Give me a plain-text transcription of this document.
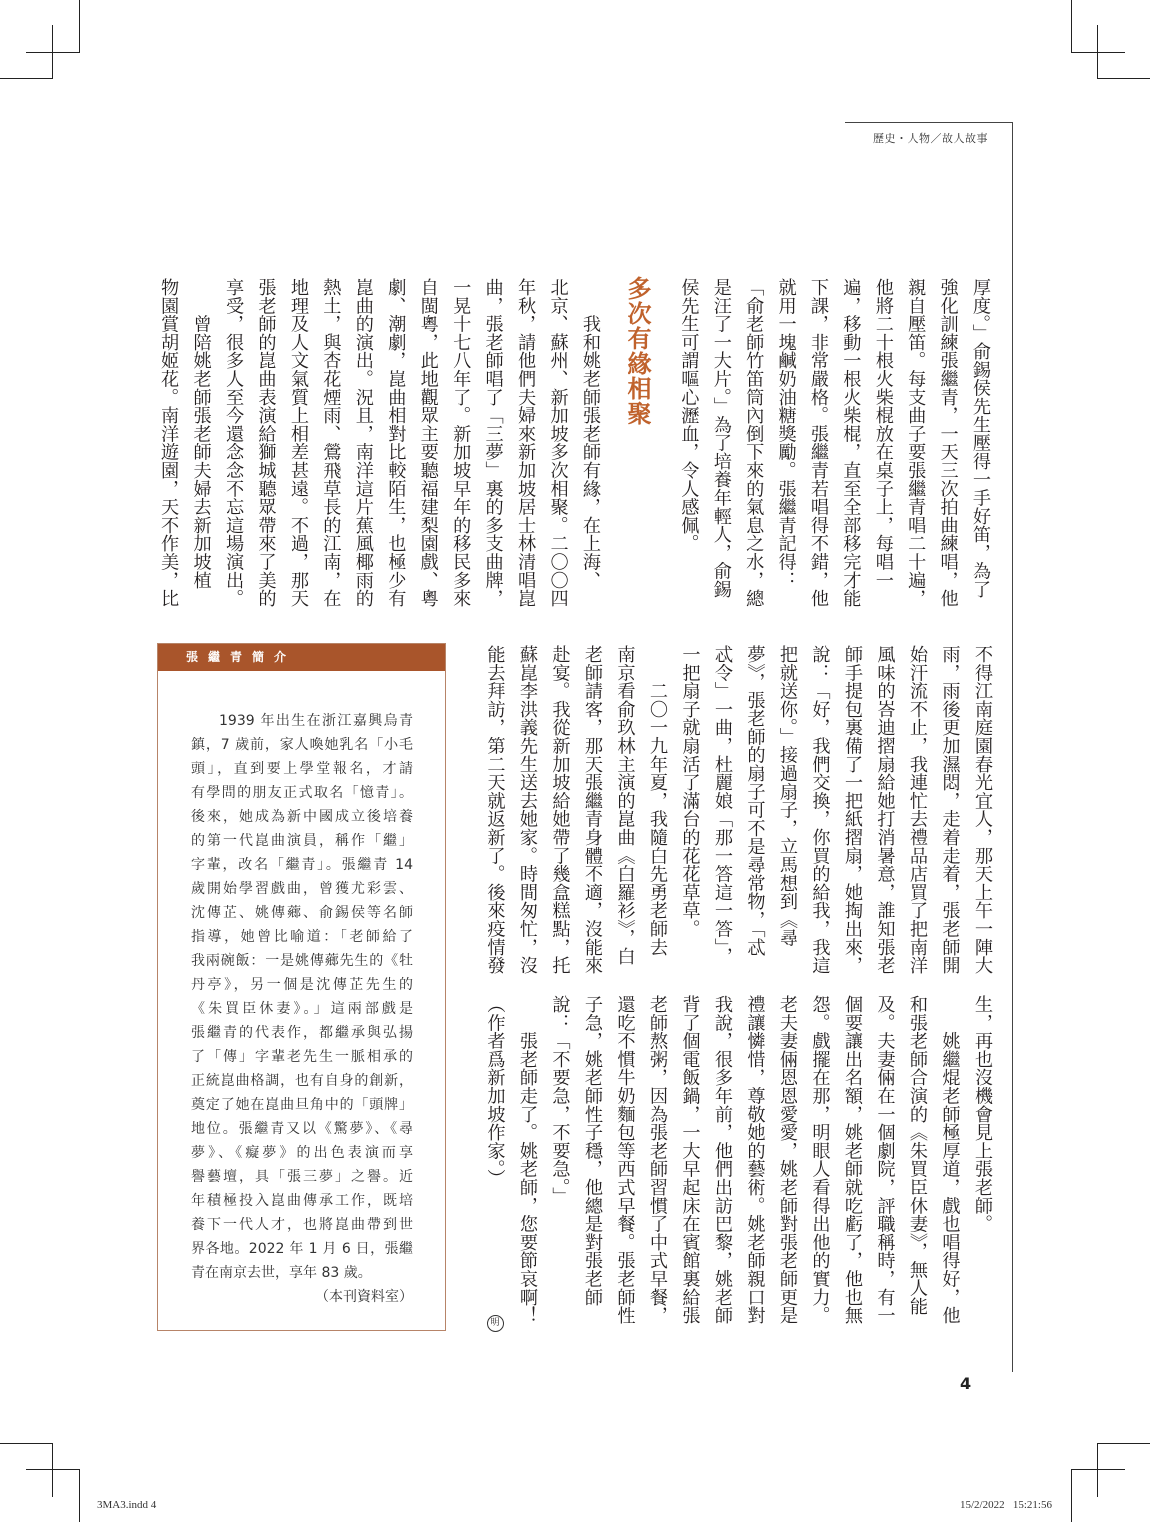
歷史・人物／故人故事
厚度。」俞錫侯先生壓得一手好笛，為了
強化訓練張繼青，一天三次拍曲練唱，他
親自壓笛。每支曲子要張繼青唱二十遍，
他將二十根火柴棍放在桌子上，每唱一
遍，移動一根火柴棍，直至全部移完才能
下課，非常嚴格。張繼青若唱得不錯，他
就用一塊鹹奶油糖獎勵。張繼青記得：
「俞老師竹笛筒內倒下來的氣息之水，總
是汪了一大片。」為了培養年輕人，俞錫
侯先生可謂嘔心瀝血，令人感佩。
　　我和姚老師張老師有緣，在上海、
北京、蘇州、新加坡多次相聚。二〇〇四
年秋，請他們夫婦來新加坡居士林清唱崑
曲，張老師唱了「三夢」裏的多支曲牌，
一晃十七八年了。新加坡早年的移民多來
自閩粵，此地觀眾主要聽福建梨園戲、粵
劇、潮劇，崑曲相對比較陌生，也極少有
崑曲的演出。況且，南洋這片蕉風椰雨的
熱土，與杏花煙雨、鶯飛草長的江南，在
地理及人文氣質上相差甚遠。不過，那天
張老師的崑曲表演給獅城聽眾帶來了美的
享受，很多人至今還念念不忘這場演出。
　　曾陪姚老師張老師夫婦去新加坡植
物園賞胡姬花。南洋遊園，天不作美，比
不得江南庭園春光宜人，那天上午一陣大
雨，雨後更加濕悶，走着走着，張老師開
始汗流不止，我連忙去禮品店買了把南洋
風味的峇迪摺扇給她打消暑意，誰知張老
師手提包裏備了一把紙摺扇，她掏出來，
說：「好，我們交換，你買的給我，我這
把就送你。」接過扇子，立馬想到《尋
夢》，張老師的扇子可不是尋常物，「忒
忒令」一曲，杜麗娘「那一答這一答」，
一把扇子就扇活了滿台的花花草草。
　　二〇一九年夏，我隨白先勇老師去
南京看俞玖林主演的崑曲《白羅衫》，白
老師請客，那天張繼青身體不適，沒能來
赴宴。我從新加坡給她帶了幾盒糕點，托
蘇崑李洪義先生送去她家。時間匆忙，沒
能去拜訪，第二天就返新了。後來疫情發
生，再也沒機會見上張老師。
　　姚繼焜老師極厚道，戲也唱得好，他
和張老師合演的《朱買臣休妻》，無人能
及。夫妻倆在一個劇院，評職稱時，有一
個要讓出名額，姚老師就吃虧了，他也無
怨。戲擺在那，明眼人看得出他的實力。
老夫妻倆恩恩愛愛，姚老師對張老師更是
禮讓憐惜，尊敬她的藝術。姚老師親口對
我說，很多年前，他們出訪巴黎，姚老師
背了個電飯鍋，一大早起床在賓館裏給張
老師熬粥，因為張老師習慣了中式早餐，
還吃不慣牛奶麵包等西式早餐。張老師性
子急，姚老師性子穩，他總是對張老師
說：「不要急，不要急。」
　　張老師走了。姚老師，您要節哀啊！
（作者爲新加坡作家。）
明
多次有緣相聚
張繼青簡介
1939 年出生在浙江嘉興烏青
鎮，7 歲前，家人喚她乳名「小毛
頭」，直到要上學堂報名，才請
有學問的朋友正式取名「憶青」。
後來，她成為新中國成立後培養
的第一代崑曲演員，稱作「繼」
字輩，改名「繼青」。張繼青 14
歲開始學習戲曲，曾獲尤彩雲、
沈傳芷、姚傳薌、俞錫侯等名師
指導，她曾比喻道：「老師給了
我兩碗飯：一是姚傳薌先生的《牡
丹亭》，另一個是沈傳芷先生的
《朱買臣休妻》。」這兩部戲是
張繼青的代表作，都繼承與弘揚
了「傳」字輩老先生一脈相承的
正統崑曲格調，也有自身的創新，
奠定了她在崑曲旦角中的「頭牌」
地位。張繼青又以《驚夢》、《尋
夢》、《癡夢》的出色表演而享
譽藝壇，具「張三夢」之譽。近
年積極投入崑曲傳承工作，既培
養下一代人才，也將崑曲帶到世
界各地。2022 年 1 月 6 日，張繼
青在南京去世，享年 83 歲。
（本刊資料室）
4
3MA3.indd 4	15/2/2022   15:21:56
